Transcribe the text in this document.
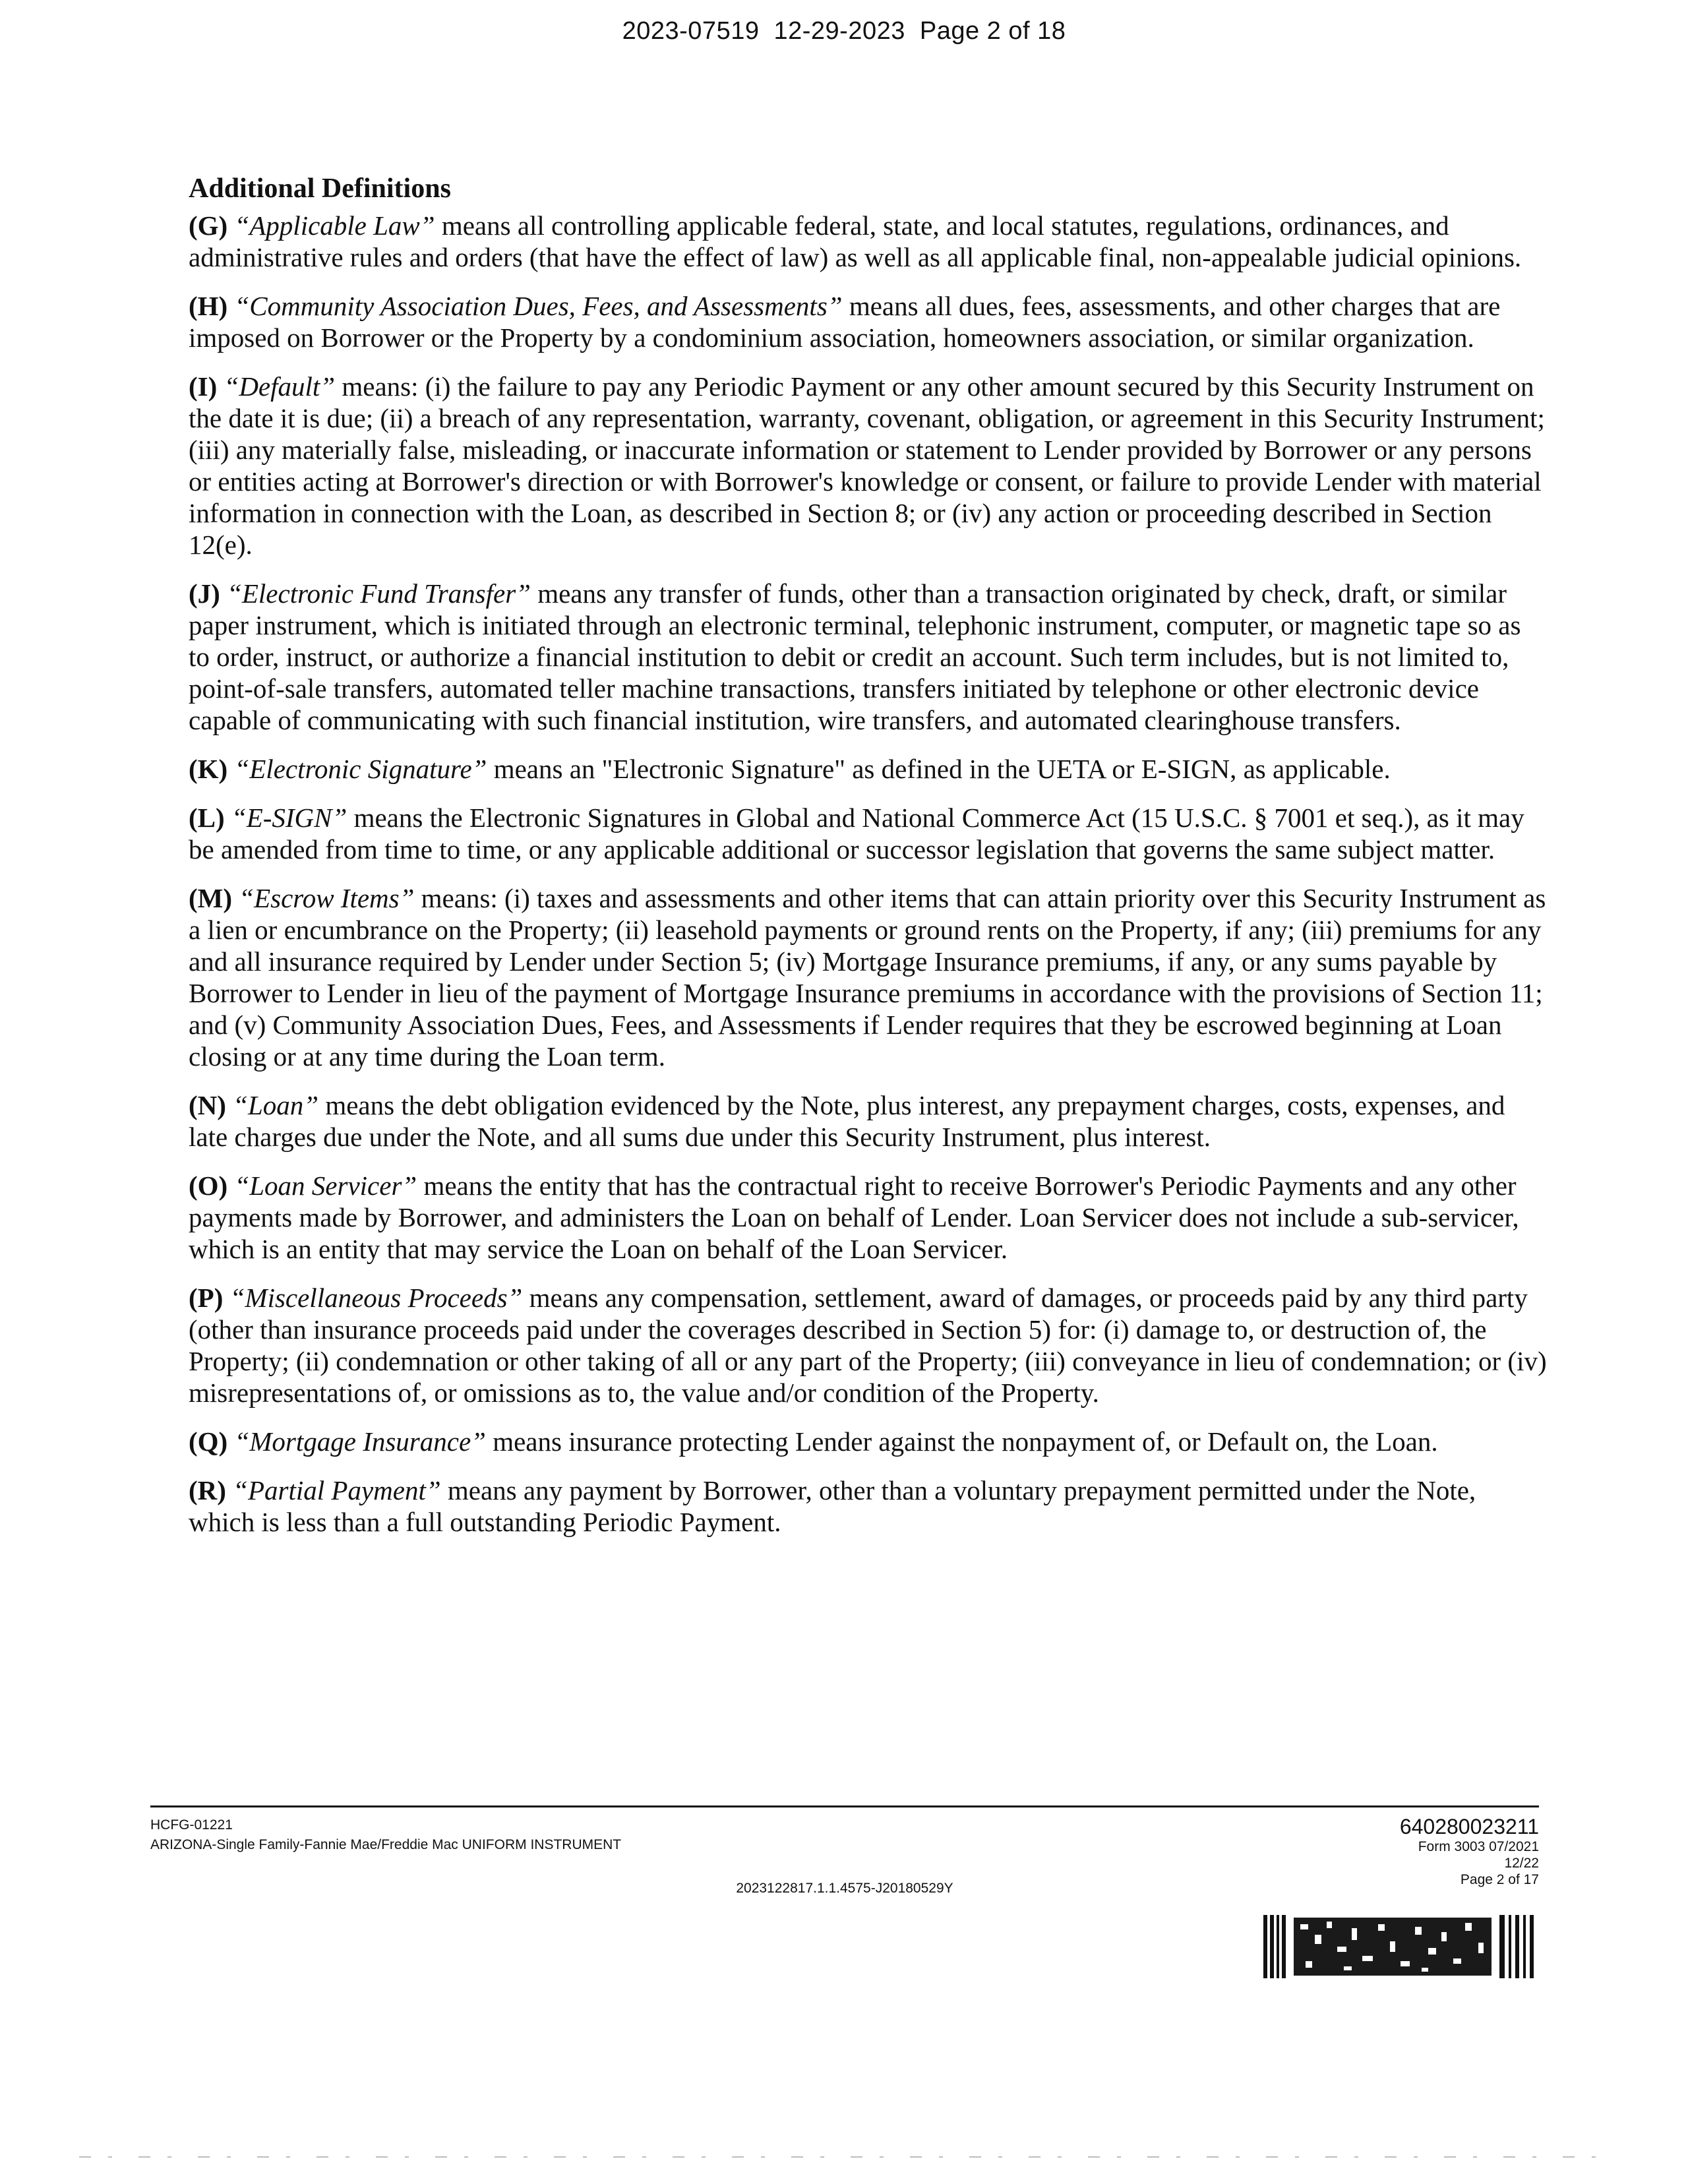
2023-07519 12-29-2023 Page 2 of 18
Additional Definitions

(G) “Applicable Law” means all controlling applicable federal, state, and local statutes, regulations, ordinances, and administrative rules and orders (that have the effect of law) as well as all applicable final, non-appealable judicial opinions.

(H) “Community Association Dues, Fees, and Assessments” means all dues, fees, assessments, and other charges that are imposed on Borrower or the Property by a condominium association, homeowners association, or similar organization.

(I) “Default” means: (i) the failure to pay any Periodic Payment or any other amount secured by this Security Instrument on the date it is due; (ii) a breach of any representation, warranty, covenant, obligation, or agreement in this Security Instrument; (iii) any materially false, misleading, or inaccurate information or statement to Lender provided by Borrower or any persons or entities acting at Borrower's direction or with Borrower's knowledge or consent, or failure to provide Lender with material information in connection with the Loan, as described in Section 8; or (iv) any action or proceeding described in Section 12(e).

(J) “Electronic Fund Transfer” means any transfer of funds, other than a transaction originated by check, draft, or similar paper instrument, which is initiated through an electronic terminal, telephonic instrument, computer, or magnetic tape so as to order, instruct, or authorize a financial institution to debit or credit an account. Such term includes, but is not limited to, point-of-sale transfers, automated teller machine transactions, transfers initiated by telephone or other electronic device capable of communicating with such financial institution, wire transfers, and automated clearinghouse transfers.

(K) “Electronic Signature” means an "Electronic Signature" as defined in the UETA or E-SIGN, as applicable.

(L) “E-SIGN” means the Electronic Signatures in Global and National Commerce Act (15 U.S.C. § 7001 et seq.), as it may be amended from time to time, or any applicable additional or successor legislation that governs the same subject matter.

(M) “Escrow Items” means: (i) taxes and assessments and other items that can attain priority over this Security Instrument as a lien or encumbrance on the Property; (ii) leasehold payments or ground rents on the Property, if any; (iii) premiums for any and all insurance required by Lender under Section 5; (iv) Mortgage Insurance premiums, if any, or any sums payable by Borrower to Lender in lieu of the payment of Mortgage Insurance premiums in accordance with the provisions of Section 11; and (v) Community Association Dues, Fees, and Assessments if Lender requires that they be escrowed beginning at Loan closing or at any time during the Loan term.

(N) “Loan” means the debt obligation evidenced by the Note, plus interest, any prepayment charges, costs, expenses, and late charges due under the Note, and all sums due under this Security Instrument, plus interest.

(O) “Loan Servicer” means the entity that has the contractual right to receive Borrower's Periodic Payments and any other payments made by Borrower, and administers the Loan on behalf of Lender. Loan Servicer does not include a sub-servicer, which is an entity that may service the Loan on behalf of the Loan Servicer.

(P) “Miscellaneous Proceeds” means any compensation, settlement, award of damages, or proceeds paid by any third party (other than insurance proceeds paid under the coverages described in Section 5) for: (i) damage to, or destruction of, the Property; (ii) condemnation or other taking of all or any part of the Property; (iii) conveyance in lieu of condemnation; or (iv) misrepresentations of, or omissions as to, the value and/or condition of the Property.

(Q) “Mortgage Insurance” means insurance protecting Lender against the nonpayment of, or Default on, the Loan.

(R) “Partial Payment” means any payment by Borrower, other than a voluntary prepayment permitted under the Note, which is less than a full outstanding Periodic Payment.

HCFG-01221
ARIZONA-Single Family-Fannie Mae/Freddie Mac UNIFORM INSTRUMENT
2023122817.1.1.4575-J20180529Y
640280023211
Form 3003 07/2021
12/22
Page 2 of 17
